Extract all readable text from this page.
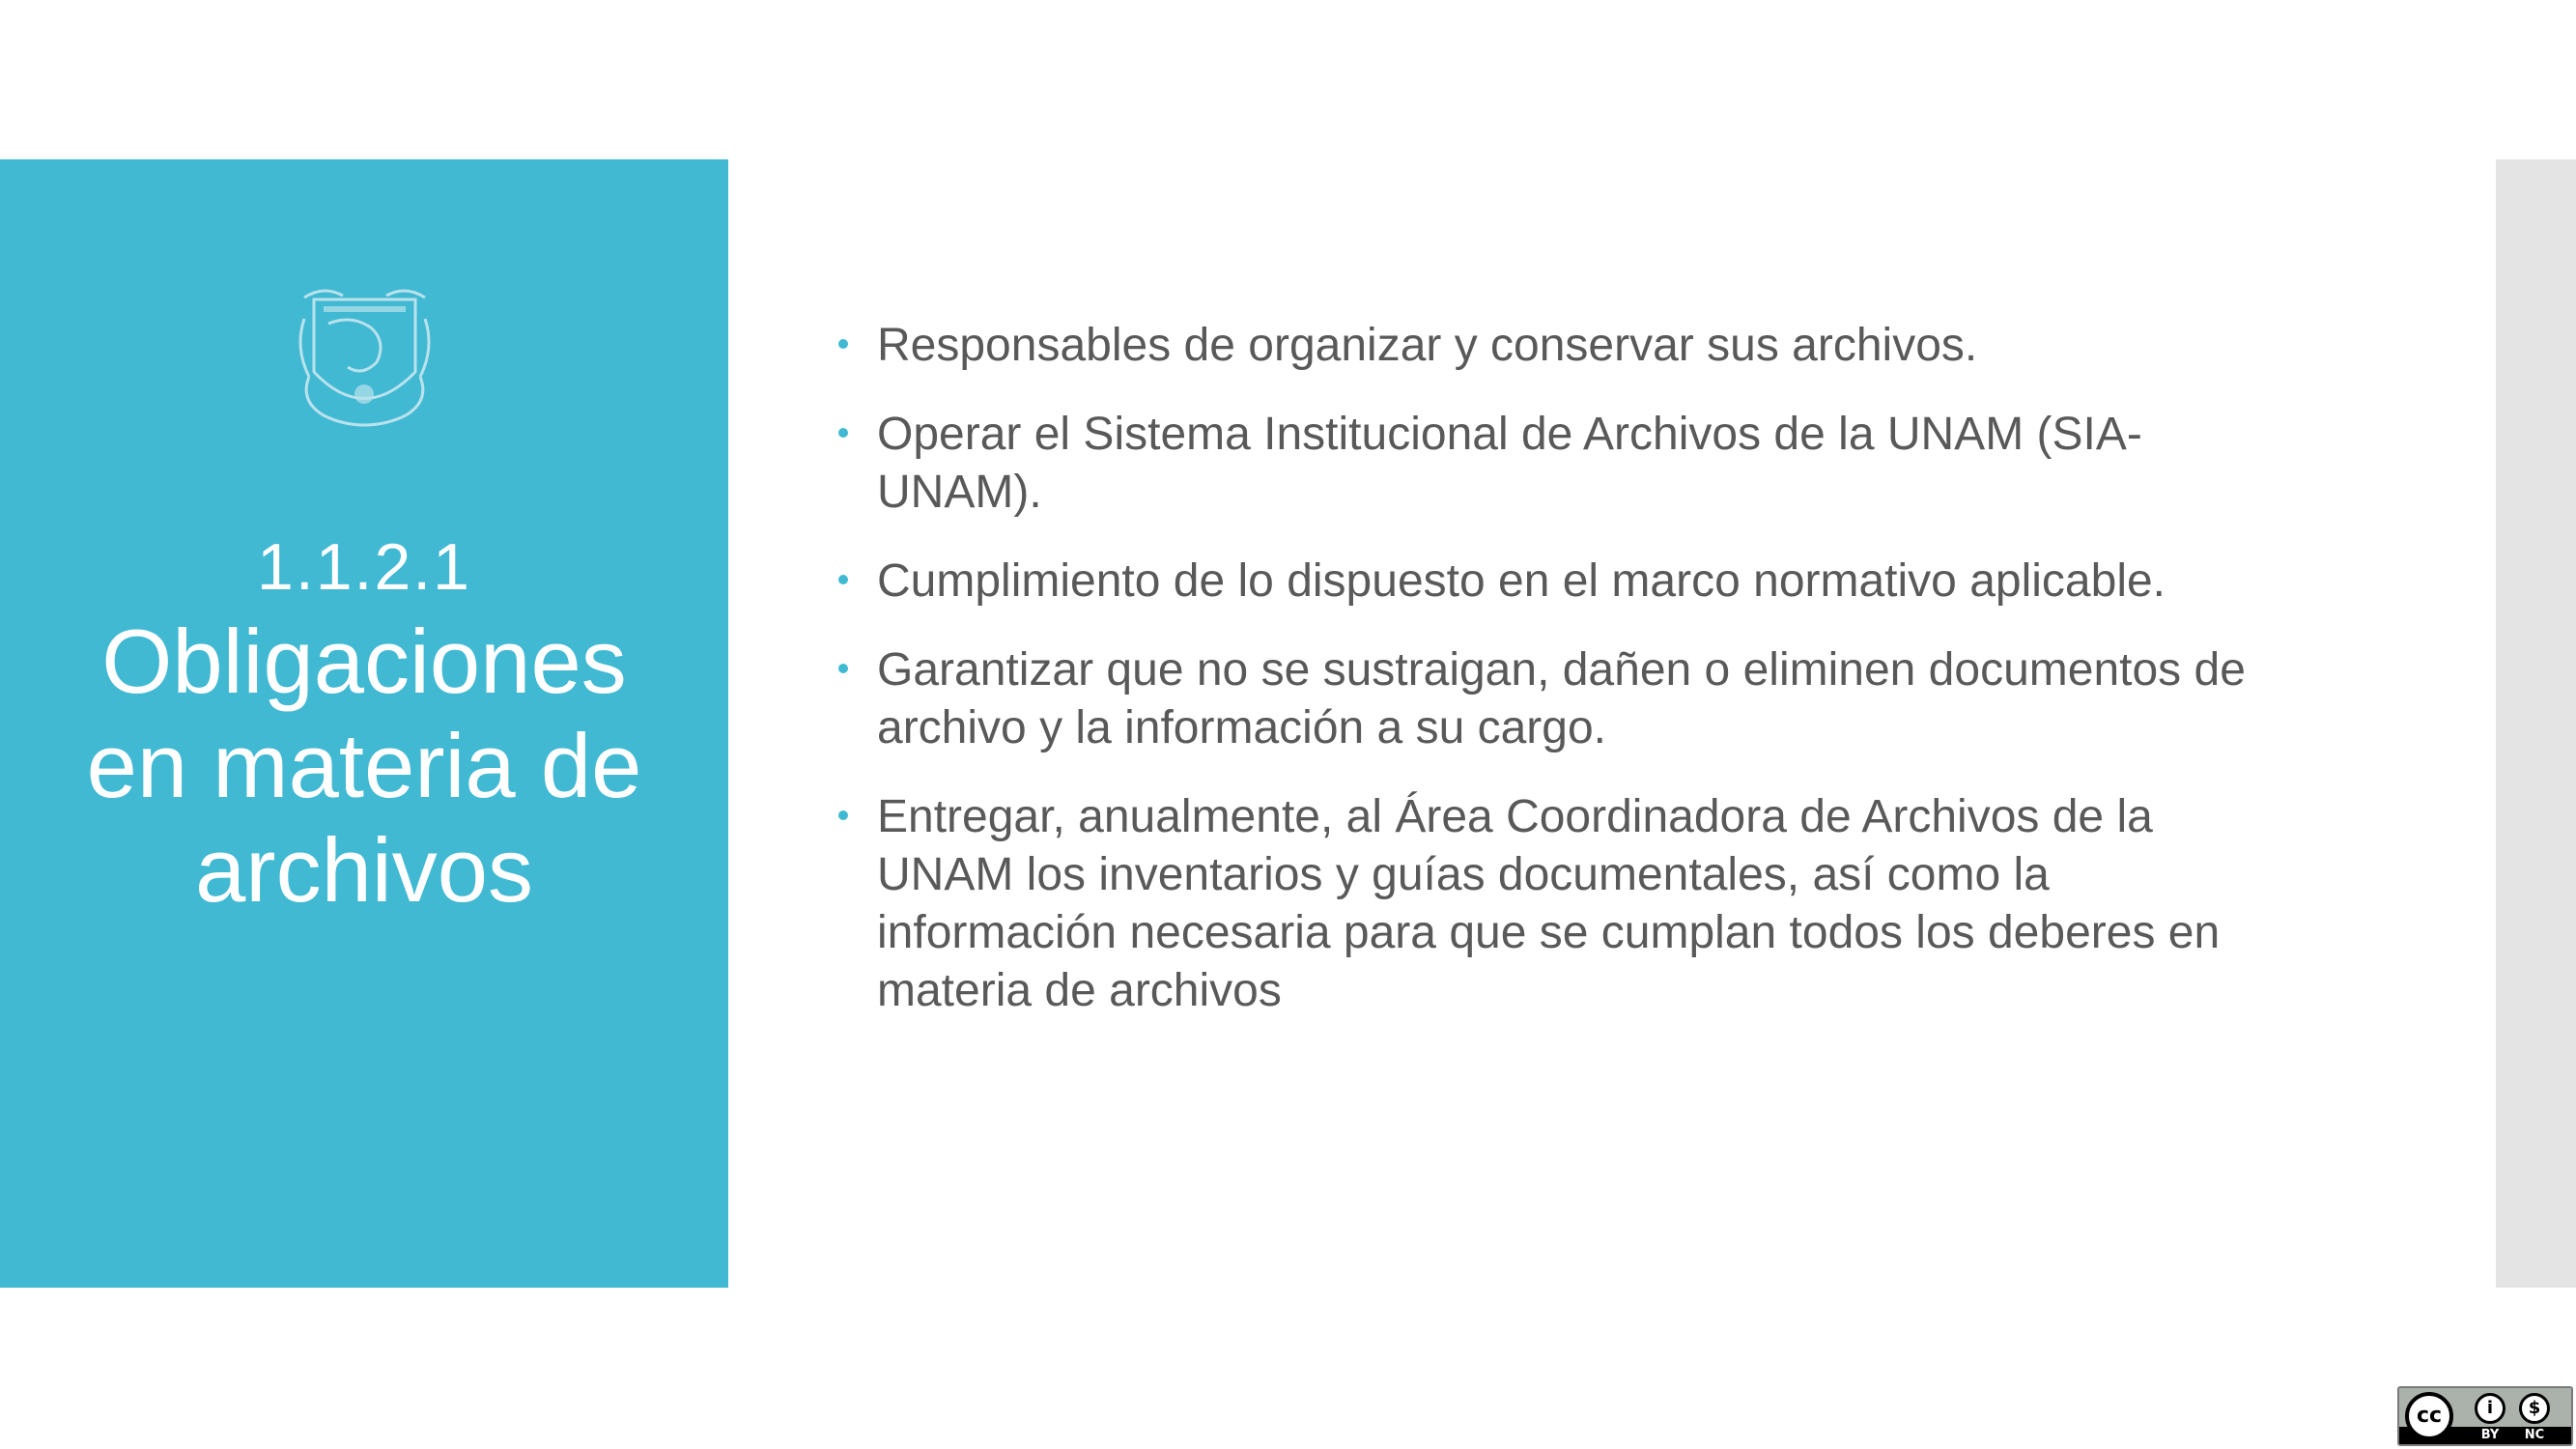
1.1.2.1
Obligaciones
en materia de
archivos
Responsables de organizar y conservar sus archivos.
Operar el Sistema Institucional de Archivos de la UNAM (SIA-
UNAM).
Cumplimiento de lo dispuesto en el marco normativo aplicable.
Garantizar que no se sustraigan, dañen o eliminen documentos de
archivo y la información a su cargo.
Entregar, anualmente, al Área Coordinadora de Archivos de la
UNAM los inventarios y guías documentales, así como la
información necesaria para que se cumplan todos los deberes en
materia de archivos
cc	i	$
BY	NC
